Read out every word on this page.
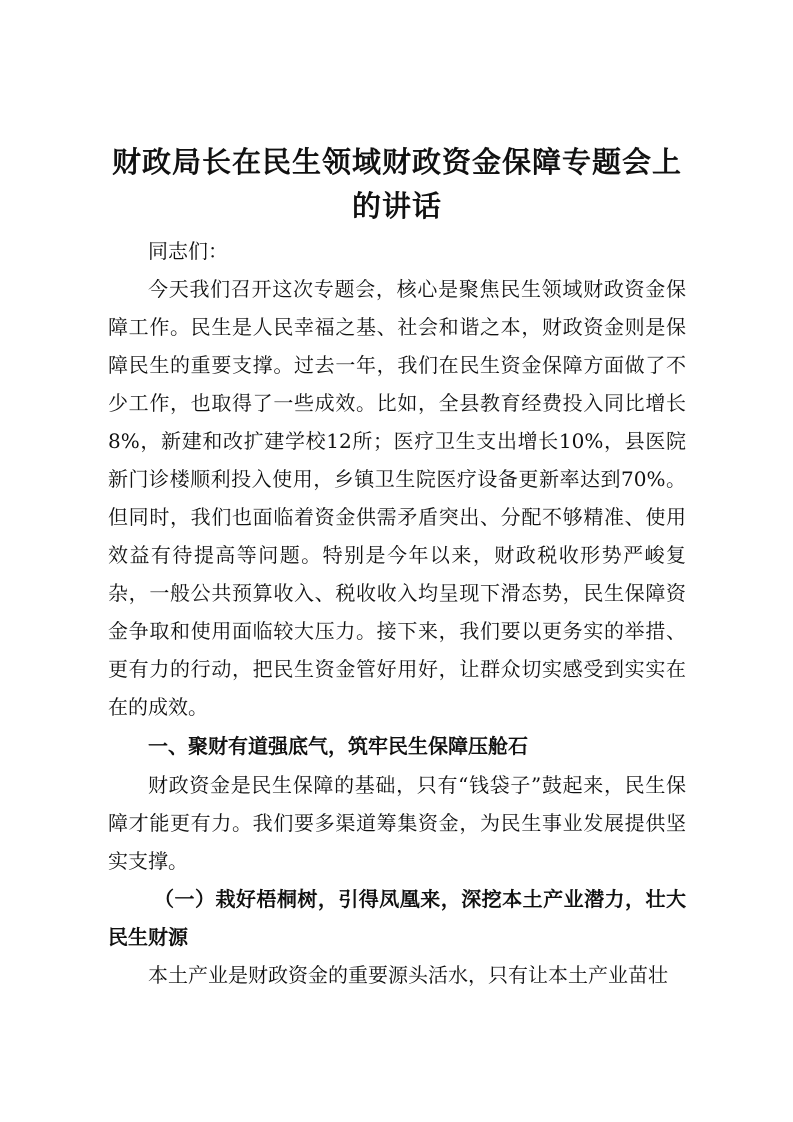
财政局长在民生领域财政资金保障专题会上的讲话

同志们：

今天我们召开这次专题会，核心是聚焦民生领域财政资金保障工作。民生是人民幸福之基、社会和谐之本，财政资金则是保障民生的重要支撑。过去一年，我们在民生资金保障方面做了不少工作，也取得了一些成效。比如，全县教育经费投入同比增长8%，新建和改扩建学校12所；医疗卫生支出增长10%，县医院新门诊楼顺利投入使用，乡镇卫生院医疗设备更新率达到70%。但同时，我们也面临着资金供需矛盾突出、分配不够精准、使用效益有待提高等问题。特别是今年以来，财政税收形势严峻复杂，一般公共预算收入、税收收入均呈现下滑态势，民生保障资金争取和使用面临较大压力。接下来，我们要以更务实的举措、更有力的行动，把民生资金管好用好，让群众切实感受到实实在在的成效。

一、聚财有道强底气，筑牢民生保障压舱石

财政资金是民生保障的基础，只有“钱袋子”鼓起来，民生保障才能更有力。我们要多渠道筹集资金，为民生事业发展提供坚实支撑。

（一）栽好梧桐树，引得凤凰来，深挖本土产业潜力，壮大民生财源

本土产业是财政资金的重要源头活水，只有让本土产业苗壮
